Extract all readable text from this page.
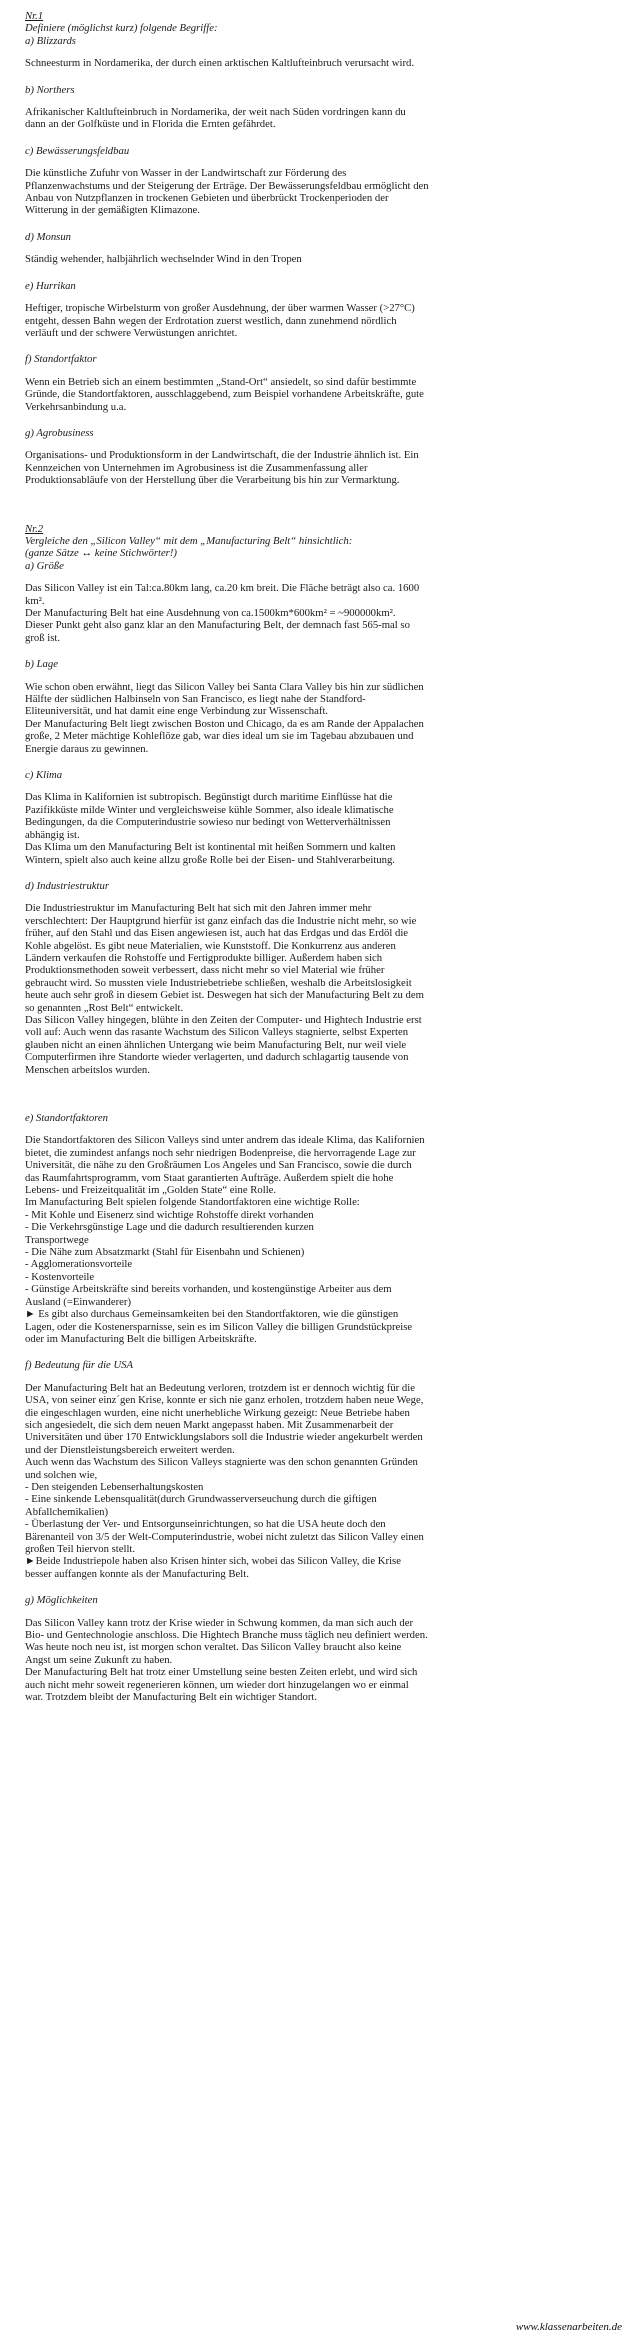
Nr.1

Definiere (möglichst kurz) folgende Begriffe:

a) Blizzards

Schneesturm in Nordamerika, der durch einen arktischen Kaltlufteinbruch verursacht wird.

b) Northers

Afrikanischer Kaltlufteinbruch in Nordamerika, der weit nach Süden vordringen kann du

dann an der Golfküste und in Florida die Ernten gefährdet.

c) Bewässerungsfeldbau

Die künstliche Zufuhr von Wasser in der Landwirtschaft zur Förderung des

Pflanzenwachstums und der Steigerung der Erträge. Der Bewässerungsfeldbau ermöglicht den

Anbau von Nutzpflanzen in trockenen Gebieten und überbrückt Trockenperioden der

Witterung in der gemäßigten Klimazone.

d) Monsun

Ständig wehender, halbjährlich wechselnder Wind in den Tropen

e) Hurrikan

Heftiger, tropische Wirbelsturm von großer Ausdehnung, der über warmen Wasser (>27°C)

entgeht, dessen Bahn wegen der Erdrotation zuerst westlich, dann zunehmend nördlich

verläuft und der schwere Verwüstungen anrichtet.

f) Standortfaktor

Wenn ein Betrieb sich an einem bestimmten „Stand-Ort“ ansiedelt, so sind dafür bestimmte

Gründe, die Standortfaktoren, ausschlaggebend, zum Beispiel vorhandene Arbeitskräfte, gute

Verkehrsanbindung u.a.

g) Agrobusiness

Organisations- und Produktionsform in der Landwirtschaft, die der Industrie ähnlich ist. Ein

Kennzeichen von Unternehmen im Agrobusiness ist die Zusammenfassung aller

Produktionsabläufe von der Herstellung über die Verarbeitung bis hin zur Vermarktung.

Nr.2

Vergleiche den „Silicon Valley“ mit dem „Manufacturing Belt“ hinsichtlich:

(ganze Sätze ↔ keine Stichwörter!)

a) Größe

Das Silicon Valley ist ein Tal:ca.80km lang, ca.20 km breit. Die Fläche beträgt also ca. 1600

km².

Der Manufacturing Belt hat eine Ausdehnung von ca.1500km*600km² = ~900000km².

Dieser Punkt geht also ganz klar an den Manufacturing Belt, der demnach fast 565-mal so

groß ist.

b) Lage

Wie schon oben erwähnt, liegt das Silicon Valley bei Santa Clara Valley bis hin zur südlichen

Hälfte der südlichen Halbinseln von San Francisco, es liegt nahe der Standford-

Eliteuniversität, und hat damit eine enge Verbindung zur Wissenschaft.

Der Manufacturing Belt liegt zwischen Boston und Chicago, da es am Rande der Appalachen

große, 2 Meter mächtige Kohleflöze gab, war dies ideal um sie im Tagebau abzubauen und

Energie daraus zu gewinnen.

c) Klima

Das Klima in Kalifornien ist subtropisch. Begünstigt durch maritime Einflüsse hat die

Pazifikküste milde Winter und vergleichsweise kühle Sommer, also ideale klimatische

Bedingungen, da die Computerindustrie sowieso nur bedingt von Wetterverhältnissen

abhängig ist.

Das Klima um den Manufacturing Belt ist kontinental mit heißen Sommern und kalten

Wintern, spielt also auch keine allzu große Rolle bei der Eisen- und Stahlverarbeitung.

d) Industriestruktur

Die Industriestruktur im Manufacturing Belt hat sich mit den Jahren immer mehr

verschlechtert: Der Hauptgrund hierfür ist ganz einfach das die Industrie nicht mehr, so wie

früher, auf den Stahl und das Eisen angewiesen ist, auch hat das Erdgas und das Erdöl die

Kohle abgelöst. Es gibt neue Materialien, wie Kunststoff. Die Konkurrenz aus anderen

Ländern verkaufen die Rohstoffe und Fertigprodukte billiger. Außerdem haben sich

Produktionsmethoden soweit verbessert, dass nicht mehr so viel Material wie früher

gebraucht wird. So mussten viele Industriebetriebe schließen, weshalb die Arbeitslosigkeit

heute auch sehr groß in diesem Gebiet ist. Deswegen hat sich der Manufacturing Belt zu dem

so genannten „Rost Belt“ entwickelt.

Das Silicon Valley hingegen, blühte in den Zeiten der Computer- und Hightech Industrie erst

voll auf: Auch wenn das rasante Wachstum des Silicon Valleys stagnierte, selbst Experten

glauben nicht an einen ähnlichen Untergang wie beim Manufacturing Belt, nur weil viele

Computerfirmen ihre Standorte wieder verlagerten, und dadurch schlagartig tausende von

Menschen arbeitslos wurden.

e) Standortfaktoren

Die Standortfaktoren des Silicon Valleys sind unter andrem das ideale Klima, das Kalifornien

bietet, die zumindest anfangs noch sehr niedrigen Bodenpreise, die hervorragende Lage zur

Universität, die nähe zu den Großräumen Los Angeles und San Francisco, sowie die durch

das Raumfahrtsprogramm, vom Staat garantierten Aufträge. Außerdem spielt die hohe

Lebens- und Freizeitqualität im „Golden State“ eine Rolle.

Im Manufacturing Belt spielen folgende Standortfaktoren eine wichtige Rolle:

- Mit Kohle und Eisenerz sind wichtige Rohstoffe direkt vorhanden

- Die Verkehrsgünstige Lage und die dadurch resultierenden kurzen

Transportwege

- Die Nähe zum Absatzmarkt (Stahl für Eisenbahn und Schienen)

- Agglomerationsvorteile

- Kostenvorteile

- Günstige Arbeitskräfte sind bereits vorhanden, und kostengünstige Arbeiter aus dem

Ausland (=Einwanderer)

► Es gibt also durchaus Gemeinsamkeiten bei den Standortfaktoren, wie die günstigen

Lagen, oder die Kostenersparnisse, sein es im Silicon Valley die billigen Grundstückpreise

oder im Manufacturing Belt die billigen Arbeitskräfte.

f) Bedeutung für die USA

Der Manufacturing Belt hat an Bedeutung verloren, trotzdem ist er dennoch wichtig für die

USA, von seiner einz´gen Krise, konnte er sich nie ganz erholen, trotzdem haben neue Wege,

die eingeschlagen wurden, eine nicht unerhebliche Wirkung gezeigt: Neue Betriebe haben

sich angesiedelt, die sich dem neuen Markt angepasst haben. Mit Zusammenarbeit der

Universitäten und über 170 Entwicklungslabors soll die Industrie wieder angekurbelt werden

und der Dienstleistungsbereich erweitert werden.

Auch wenn das Wachstum des Silicon Valleys stagnierte was den schon genannten Gründen

und solchen wie,

- Den steigenden Lebenserhaltungskosten

- Eine sinkende Lebensqualität(durch Grundwasserverseuchung durch die giftigen

Abfallchemikalien)

- Überlastung der Ver- und Entsorgunseinrichtungen, so hat die USA heute doch den

Bärenanteil von 3/5 der Welt-Computerindustrie, wobei nicht zuletzt das Silicon Valley einen

großen Teil hiervon stellt.

►Beide Industriepole haben also Krisen hinter sich, wobei das Silicon Valley, die Krise

besser auffangen konnte als der Manufacturing Belt.

g) Möglichkeiten

Das Silicon Valley kann trotz der Krise wieder in Schwung kommen, da man sich auch der

Bio- und Gentechnologie anschloss. Die Hightech Branche muss täglich neu definiert werden.

Was heute noch neu ist, ist morgen schon veraltet. Das Silicon Valley braucht also keine

Angst um seine Zukunft zu haben.

Der Manufacturing Belt hat trotz einer Umstellung seine besten Zeiten erlebt, und wird sich

auch nicht mehr soweit regenerieren können, um wieder dort hinzugelangen wo er einmal

war. Trotzdem bleibt der Manufacturing Belt ein wichtiger Standort.

www.klassenarbeiten.de
